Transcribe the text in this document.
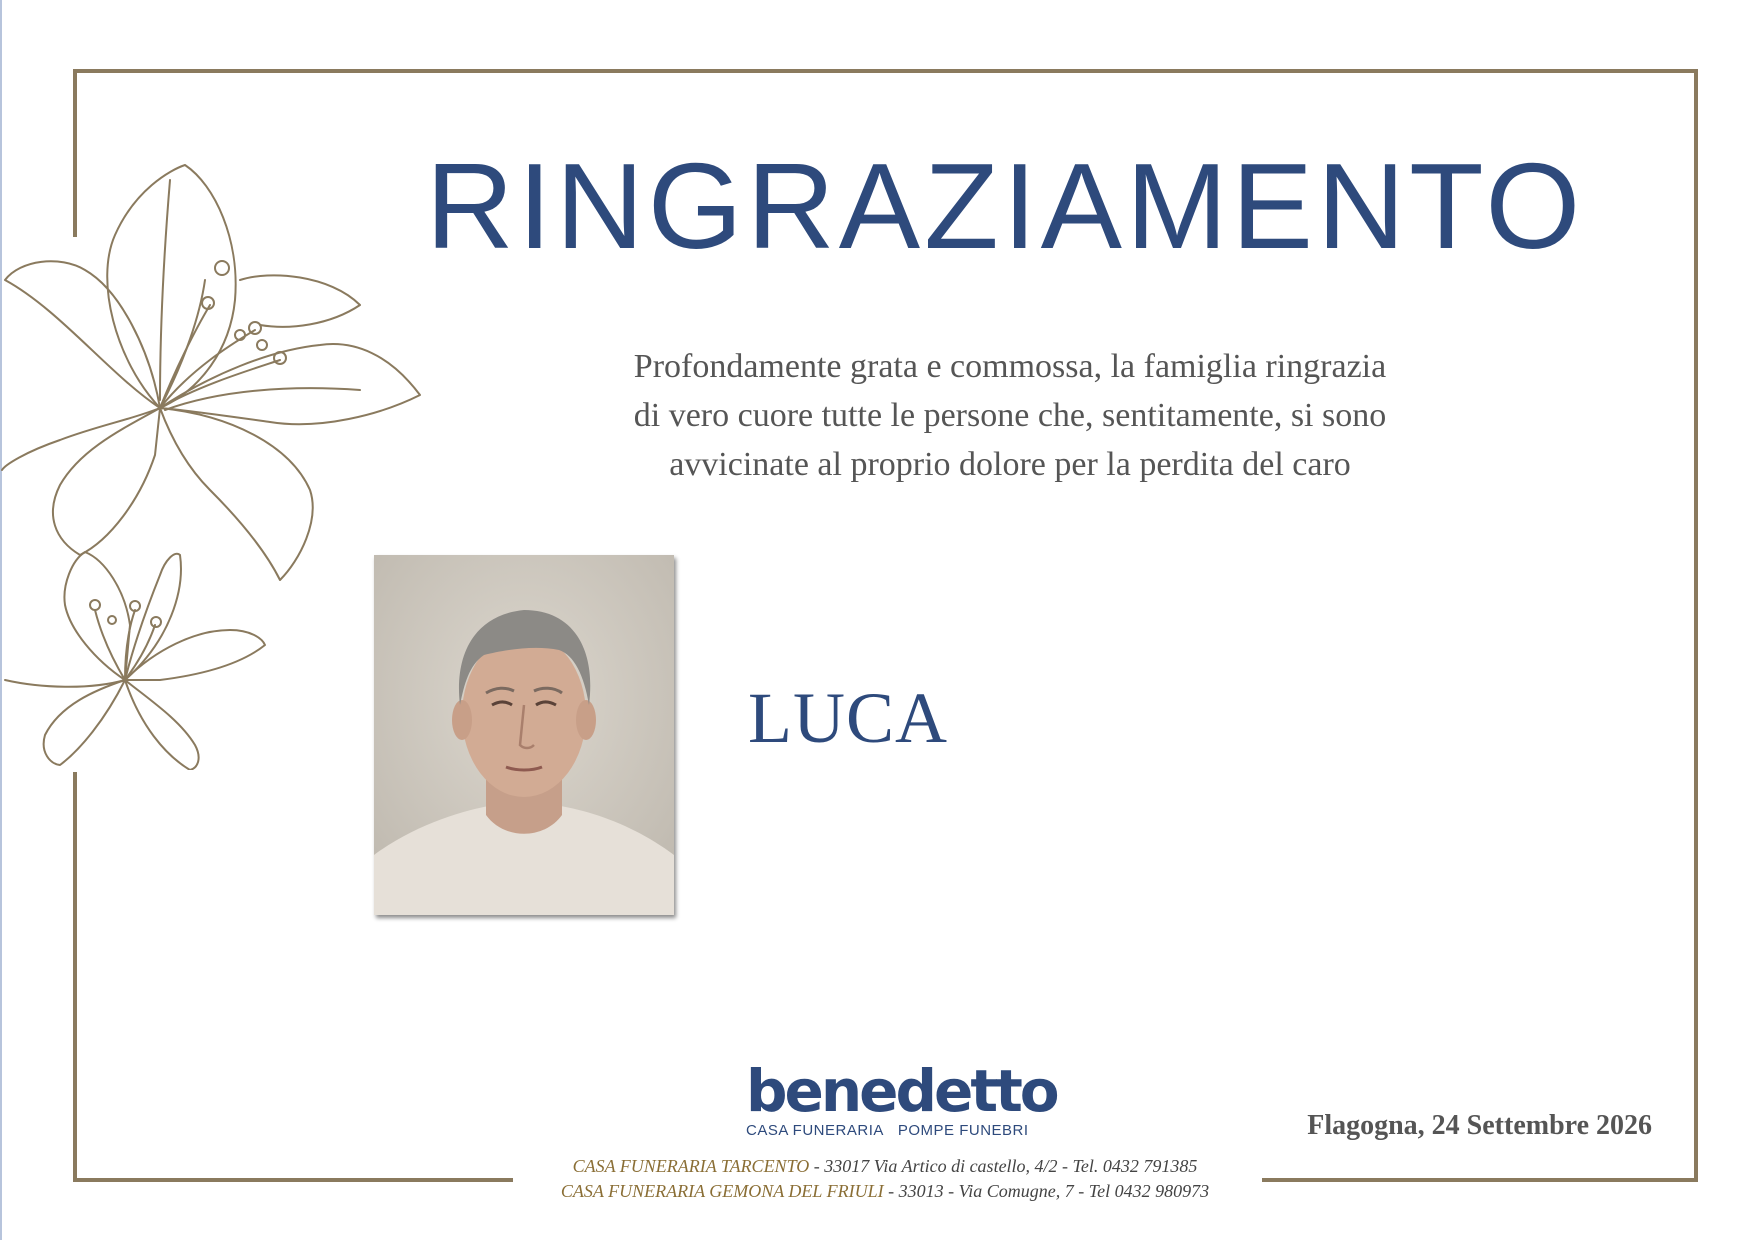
RINGRAZIAMENTO
Profondamente grata e commossa, la famiglia ringrazia
di vero cuore tutte le persone che, sentitamente, si sono
avvicinate al proprio dolore per la perdita del caro
LUCA
benedetto
CASA FUNERARIA POMPE FUNEBRI	Flagogna, 24 Settembre 2026
CASA FUNERARIA TARCENTO - 33017 Via Artico di castello, 4/2 - Tel. 0432 791385
CASA FUNERARIA GEMONA DEL FRIULI - 33013 - Via Comugne, 7 - Tel 0432 980973
